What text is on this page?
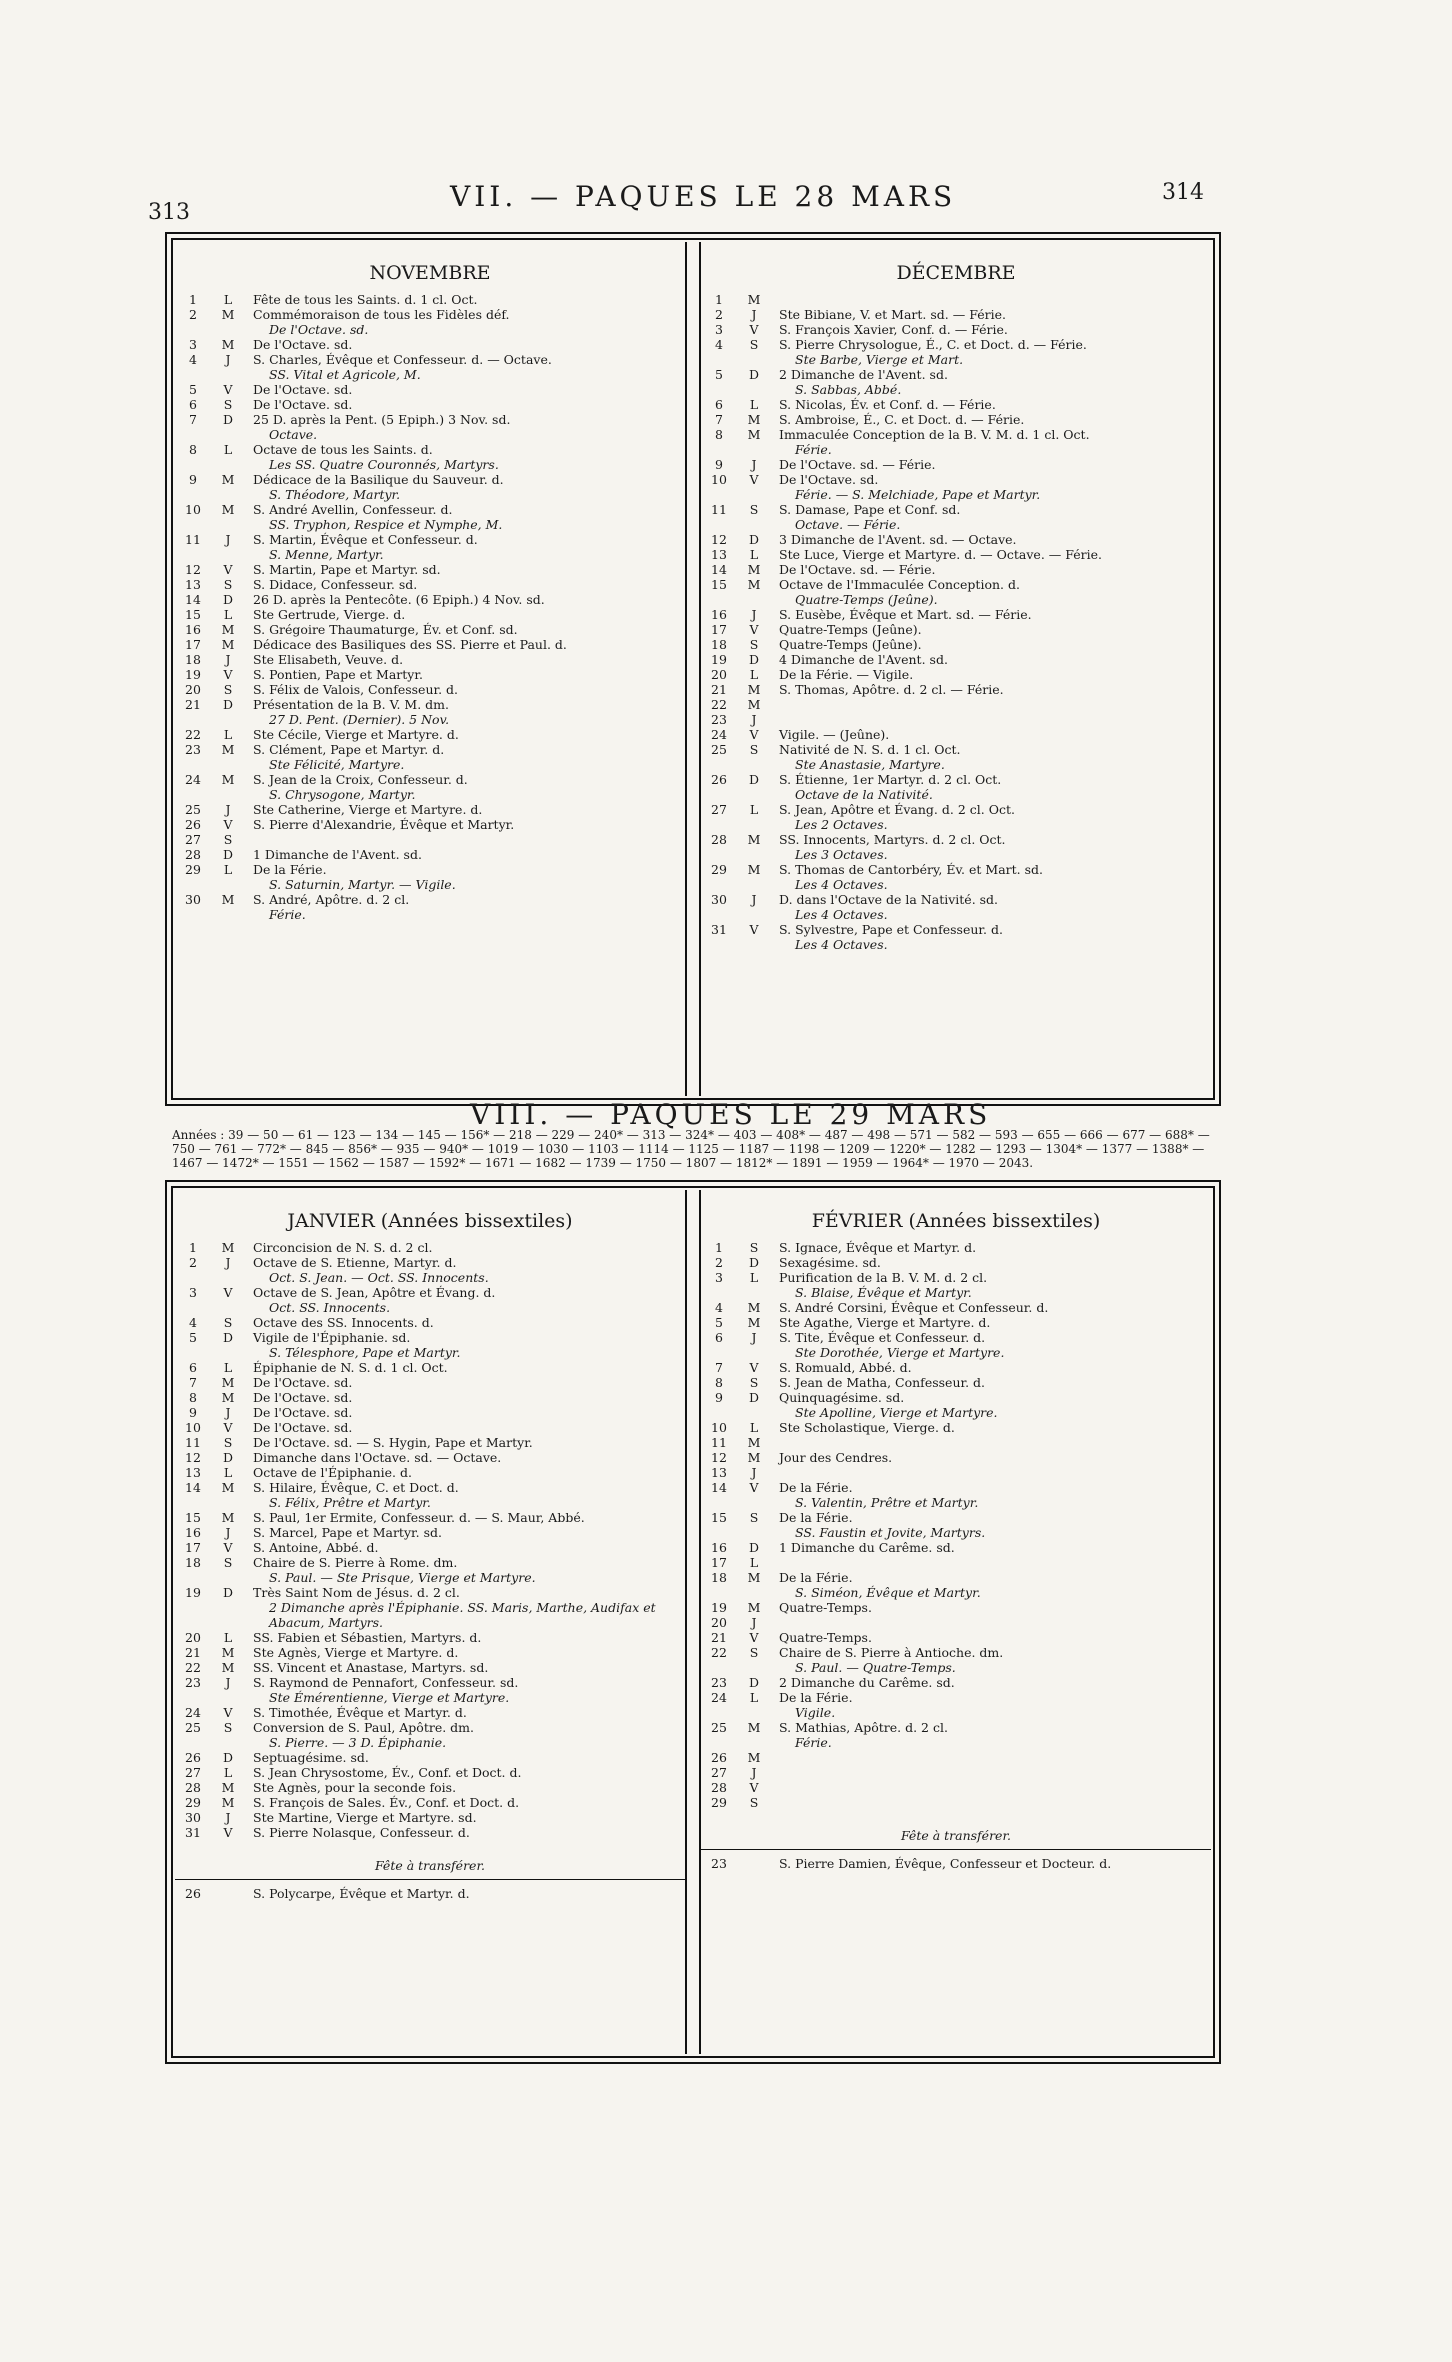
313	VII. — PAQUES LE 28 MARS	314
NOVEMBRE
1	L	Fête de tous les Saints. d. 1 cl. Oct.
2	M	Commémoraison de tous les Fidèles déf.
De l'Octave. sd.
3	M	De l'Octave. sd.
4	J	S. Charles, Évêque et Confesseur. d. — Octave.
SS. Vital et Agricole, M.
5	V	De l'Octave. sd.
6	S	De l'Octave. sd.
7	D	25 D. après la Pent. (5 Epiph.) 3 Nov. sd.
Octave.
8	L	Octave de tous les Saints. d.
Les SS. Quatre Couronnés, Martyrs.
9	M	Dédicace de la Basilique du Sauveur. d.
S. Théodore, Martyr.
10	M	S. André Avellin, Confesseur. d.
SS. Tryphon, Respice et Nymphe, M.
11	J	S. Martin, Évêque et Confesseur. d.
S. Menne, Martyr.
12	V	S. Martin, Pape et Martyr. sd.
13	S	S. Didace, Confesseur. sd.
14	D	26 D. après la Pentecôte. (6 Epiph.) 4 Nov. sd.
15	L	Ste Gertrude, Vierge. d.
16	M	S. Grégoire Thaumaturge, Év. et Conf. sd.
17	M	Dédicace des Basiliques des SS. Pierre et Paul. d.
18	J	Ste Elisabeth, Veuve. d.
19	V	S. Pontien, Pape et Martyr.
20	S	S. Félix de Valois, Confesseur. d.
21	D	Présentation de la B. V. M. dm.
27 D. Pent. (Dernier). 5 Nov.
22	L	Ste Cécile, Vierge et Martyre. d.
23	M	S. Clément, Pape et Martyr. d.
Ste Félicité, Martyre.
24	M	S. Jean de la Croix, Confesseur. d.
S. Chrysogone, Martyr.
25	J	Ste Catherine, Vierge et Martyre. d.
26	V	S. Pierre d'Alexandrie, Évêque et Martyr.
27	S
28	D	1 Dimanche de l'Avent. sd.
29	L	De la Férie.
S. Saturnin, Martyr. — Vigile.
30	M	S. André, Apôtre. d. 2 cl.
Férie.
DÉCEMBRE
1	M
2	J	Ste Bibiane, V. et Mart. sd. — Férie.
3	V	S. François Xavier, Conf. d. — Férie.
4	S	S. Pierre Chrysologue, É., C. et Doct. d. — Férie.
Ste Barbe, Vierge et Mart.
5	D	2 Dimanche de l'Avent. sd.
S. Sabbas, Abbé.
6	L	S. Nicolas, Év. et Conf. d. — Férie.
7	M	S. Ambroise, É., C. et Doct. d. — Férie.
8	M	Immaculée Conception de la B. V. M. d. 1 cl. Oct.
Férie.
9	J	De l'Octave. sd. — Férie.
10	V	De l'Octave. sd.
Férie. — S. Melchiade, Pape et Martyr.
11	S	S. Damase, Pape et Conf. sd.
Octave. — Férie.
12	D	3 Dimanche de l'Avent. sd. — Octave.
13	L	Ste Luce, Vierge et Martyre. d. — Octave. — Férie.
14	M	De l'Octave. sd. — Férie.
15	M	Octave de l'Immaculée Conception. d.
Quatre-Temps (Jeûne).
16	J	S. Eusèbe, Évêque et Mart. sd. — Férie.
17	V	Quatre-Temps (Jeûne).
18	S	Quatre-Temps (Jeûne).
19	D	4 Dimanche de l'Avent. sd.
20	L	De la Férie. — Vigile.
21	M	S. Thomas, Apôtre. d. 2 cl. — Férie.
22	M
23	J
24	V	Vigile. — (Jeûne).
25	S	Nativité de N. S. d. 1 cl. Oct.
Ste Anastasie, Martyre.
26	D	S. Étienne, 1er Martyr. d. 2 cl. Oct.
Octave de la Nativité.
27	L	S. Jean, Apôtre et Évang. d. 2 cl. Oct.
Les 2 Octaves.
28	M	SS. Innocents, Martyrs. d. 2 cl. Oct.
Les 3 Octaves.
29	M	S. Thomas de Cantorbéry, Év. et Mart. sd.
Les 4 Octaves.
30	J	D. dans l'Octave de la Nativité. sd.
Les 4 Octaves.
31	V	S. Sylvestre, Pape et Confesseur. d.
Les 4 Octaves.
VIII. — PAQUES LE 29 MARS
Années : 39 — 50 — 61 — 123 — 134 — 145 — 156* — 218 — 229 — 240* — 313 — 324* — 403 — 408* — 487 — 498 — 571 — 582 — 593 — 655 — 666 — 677 — 688* — 750 — 761 — 772* — 845 — 856* — 935 — 940* — 1019 — 1030 — 1103 — 1114 — 1125 — 1187 — 1198 — 1209 — 1220* — 1282 — 1293 — 1304* — 1377 — 1388* — 1467 — 1472* — 1551 — 1562 — 1587 — 1592* — 1671 — 1682 — 1739 — 1750 — 1807 — 1812* — 1891 — 1959 — 1964* — 1970 — 2043.
JANVIER (Années bissextiles)
1	M	Circoncision de N. S. d. 2 cl.
2	J	Octave de S. Etienne, Martyr. d.
Oct. S. Jean. — Oct. SS. Innocents.
3	V	Octave de S. Jean, Apôtre et Évang. d.
Oct. SS. Innocents.
4	S	Octave des SS. Innocents. d.
5	D	Vigile de l'Épiphanie. sd.
S. Télesphore, Pape et Martyr.
6	L	Épiphanie de N. S. d. 1 cl. Oct.
7	M	De l'Octave. sd.
8	M	De l'Octave. sd.
9	J	De l'Octave. sd.
10	V	De l'Octave. sd.
11	S	De l'Octave. sd. — S. Hygin, Pape et Martyr.
12	D	Dimanche dans l'Octave. sd. — Octave.
13	L	Octave de l'Épiphanie. d.
14	M	S. Hilaire, Évêque, C. et Doct. d.
S. Félix, Prêtre et Martyr.
15	M	S. Paul, 1er Ermite, Confesseur. d. — S. Maur, Abbé.
16	J	S. Marcel, Pape et Martyr. sd.
17	V	S. Antoine, Abbé. d.
18	S	Chaire de S. Pierre à Rome. dm.
S. Paul. — Ste Prisque, Vierge et Martyre.
19	D	Très Saint Nom de Jésus. d. 2 cl.
2 Dimanche après l'Épiphanie. SS. Maris, Marthe, Audifax et Abacum, Martyrs.
20	L	SS. Fabien et Sébastien, Martyrs. d.
21	M	Ste Agnès, Vierge et Martyre. d.
22	M	SS. Vincent et Anastase, Martyrs. sd.
23	J	S. Raymond de Pennafort, Confesseur. sd.
Ste Émérentienne, Vierge et Martyre.
24	V	S. Timothée, Évêque et Martyr. d.
25	S	Conversion de S. Paul, Apôtre. dm.
S. Pierre. — 3 D. Épiphanie.
26	D	Septuagésime. sd.
27	L	S. Jean Chrysostome, Év., Conf. et Doct. d.
28	M	Ste Agnès, pour la seconde fois.
29	M	S. François de Sales. Év., Conf. et Doct. d.
30	J	Ste Martine, Vierge et Martyre. sd.
31	V	S. Pierre Nolasque, Confesseur. d.
Fête à transférer.
26	S. Polycarpe, Évêque et Martyr. d.
FÉVRIER (Années bissextiles)
1	S	S. Ignace, Évêque et Martyr. d.
2	D	Sexagésime. sd.
3	L	Purification de la B. V. M. d. 2 cl.
S. Blaise, Évêque et Martyr.
4	M	S. André Corsini, Évêque et Confesseur. d.
5	M	Ste Agathe, Vierge et Martyre. d.
6	J	S. Tite, Évêque et Confesseur. d.
Ste Dorothée, Vierge et Martyre.
7	V	S. Romuald, Abbé. d.
8	S	S. Jean de Matha, Confesseur. d.
9	D	Quinquagésime. sd.
Ste Apolline, Vierge et Martyre.
10	L	Ste Scholastique, Vierge. d.
11	M
12	M	Jour des Cendres.
13	J
14	V	De la Férie.
S. Valentin, Prêtre et Martyr.
15	S	De la Férie.
SS. Faustin et Jovite, Martyrs.
16	D	1 Dimanche du Carême. sd.
17	L
18	M	De la Férie.
S. Siméon, Évêque et Martyr.
19	M	Quatre-Temps.
20	J
21	V	Quatre-Temps.
22	S	Chaire de S. Pierre à Antioche. dm.
S. Paul. — Quatre-Temps.
23	D	2 Dimanche du Carême. sd.
24	L	De la Férie.
Vigile.
25	M	S. Mathias, Apôtre. d. 2 cl.
Férie.
26	M
27	J
28	V
29	S
Fête à transférer.
23	S. Pierre Damien, Évêque, Confesseur et Docteur. d.
